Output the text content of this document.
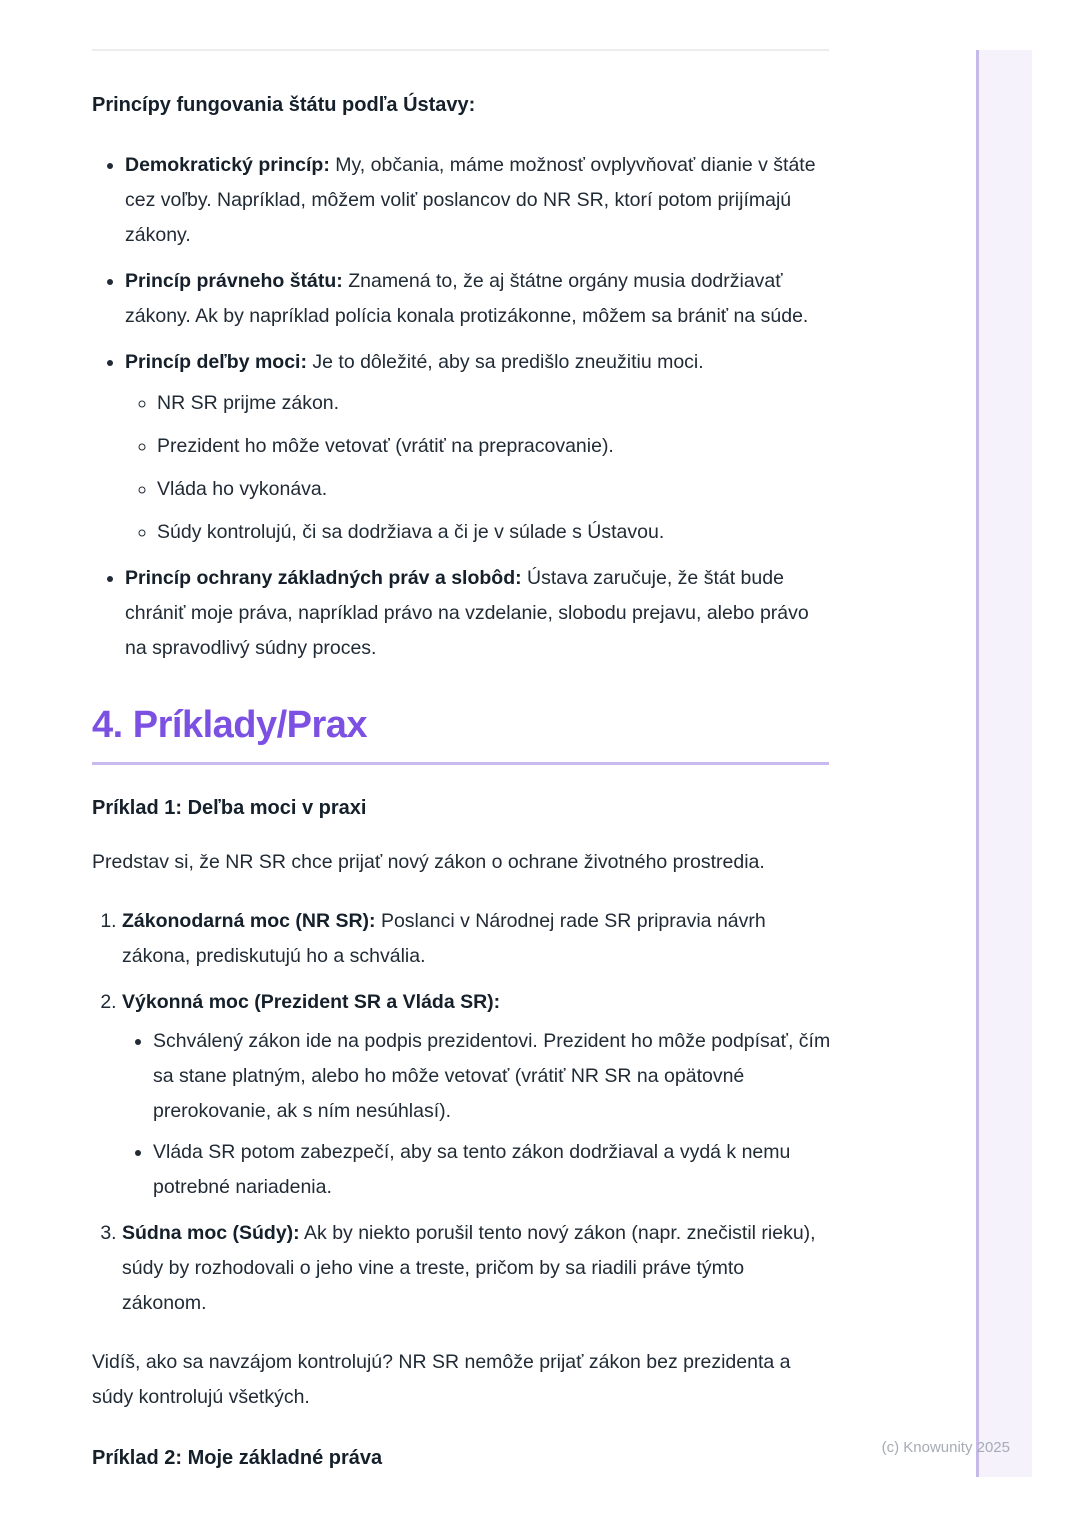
Princípy fungovania štátu podľa Ústavy:
• Demokratický princíp: My, občania, máme možnosť ovplyvňovať dianie v štáte cez voľby. Napríklad, môžem voliť poslancov do NR SR, ktorí potom prijímajú zákony.
• Princíp právneho štátu: Znamená to, že aj štátne orgány musia dodržiavať zákony. Ak by napríklad polícia konala protizákonne, môžem sa brániť na súde.
• Princíp deľby moci: Je to dôležité, aby sa predišlo zneužitiu moci.
◦ NR SR prijme zákon.
◦ Prezident ho môže vetovať (vrátiť na prepracovanie).
◦ Vláda ho vykonáva.
◦ Súdy kontrolujú, či sa dodržiava a či je v súlade s Ústavou.
• Princíp ochrany základných práv a slobôd: Ústava zaručuje, že štát bude chrániť moje práva, napríklad právo na vzdelanie, slobodu prejavu, alebo právo na spravodlivý súdny proces.
4. Príklady/Prax
Príklad 1: Deľba moci v praxi

Predstav si, že NR SR chce prijať nový zákon o ochrane životného prostredia.

1. Zákonodarná moc (NR SR): Poslanci v Národnej rade SR pripravia návrh zákona, prediskutujú ho a schvália.
2. Výkonná moc (Prezident SR a Vláda SR):
• Schválený zákon ide na podpis prezidentovi. Prezident ho môže podpísať, čím sa stane platným, alebo ho môže vetovať (vrátiť NR SR na opätovné prerokovanie, ak s ním nesúhlasí).
• Vláda SR potom zabezpečí, aby sa tento zákon dodržiaval a vydá k nemu potrebné nariadenia.
3. Súdna moc (Súdy): Ak by niekto porušil tento nový zákon (napr. znečistil rieku), súdy by rozhodovali o jeho vine a treste, pričom by sa riadili práve týmto zákonom.

Vidíš, ako sa navzájom kontrolujú? NR SR nemôže prijať zákon bez prezidenta a súdy kontrolujú všetkých.

Príklad 2: Moje základné práva	(c) Knowunity 2025
